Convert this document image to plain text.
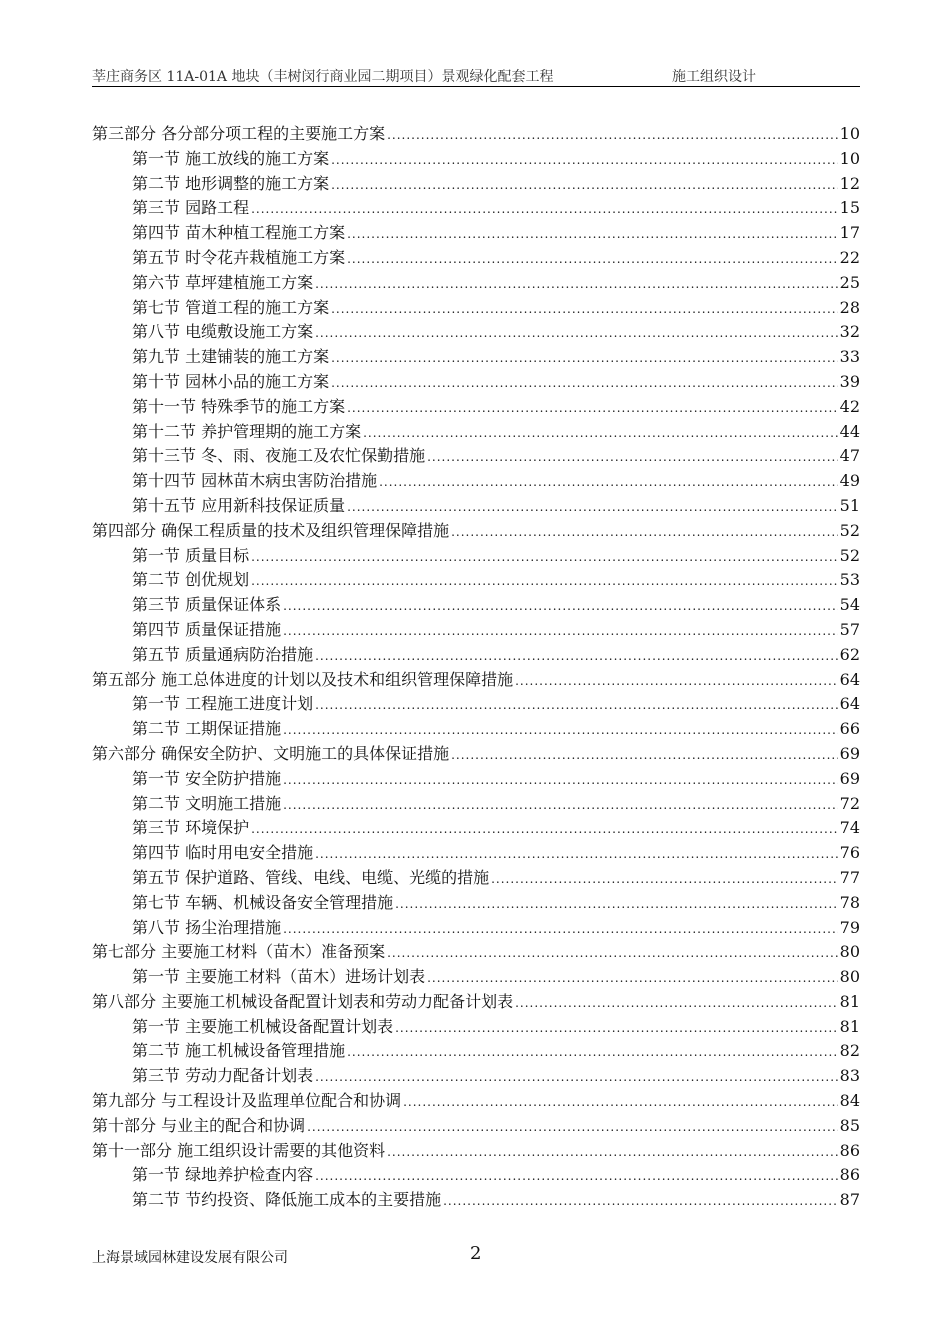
莘庄商务区 11A-01A 地块（丰树闵行商业园二期项目）景观绿化配套工程	施工组织设计
第三部分 各分部分项工程的主要施工方案 .....	10
第一节 施工放线的施工方案 .....	10
第二节 地形调整的施工方案 .....	12
第三节 园路工程 .....	15
第四节 苗木种植工程施工方案 .....	17
第五节 时令花卉栽植施工方案 .....	22
第六节 草坪建植施工方案 .....	25
第七节 管道工程的施工方案 .....	28
第八节 电缆敷设施工方案 .....	32
第九节 土建铺装的施工方案 .....	33
第十节 园林小品的施工方案 .....	39
第十一节 特殊季节的施工方案 .....	42
第十二节 养护管理期的施工方案 .....	44
第十三节 冬、雨、夜施工及农忙保勤措施 .....	47
第十四节 园林苗木病虫害防治措施 .....	49
第十五节 应用新科技保证质量 .....	51
第四部分 确保工程质量的技术及组织管理保障措施 .....	52
第一节 质量目标 .....	52
第二节 创优规划 .....	53
第三节 质量保证体系 .....	54
第四节 质量保证措施 .....	57
第五节 质量通病防治措施 .....	62
第五部分 施工总体进度的计划以及技术和组织管理保障措施 .....	64
第一节 工程施工进度计划 .....	64
第二节 工期保证措施 .....	66
第六部分 确保安全防护、文明施工的具体保证措施 .....	69
第一节 安全防护措施 .....	69
第二节 文明施工措施 .....	72
第三节 环境保护 .....	74
第四节 临时用电安全措施 .....	76
第五节 保护道路、管线、电线、电缆、光缆的措施 .....	77
第七节 车辆、机械设备安全管理措施 .....	78
第八节 扬尘治理措施 .....	79
第七部分 主要施工材料（苗木）准备预案 .....	80
第一节 主要施工材料（苗木）进场计划表 .....	80
第八部分 主要施工机械设备配置计划表和劳动力配备计划表 .....	81
第一节 主要施工机械设备配置计划表 .....	81
第二节 施工机械设备管理措施 .....	82
第三节 劳动力配备计划表 .....	83
第九部分 与工程设计及监理单位配合和协调 .....	84
第十部分 与业主的配合和协调 .....	85
第十一部分 施工组织设计需要的其他资料 .....	86
第一节 绿地养护检查内容 .....	86
第二节 节约投资、降低施工成本的主要措施 .....	87
上海景域园林建设发展有限公司	2
